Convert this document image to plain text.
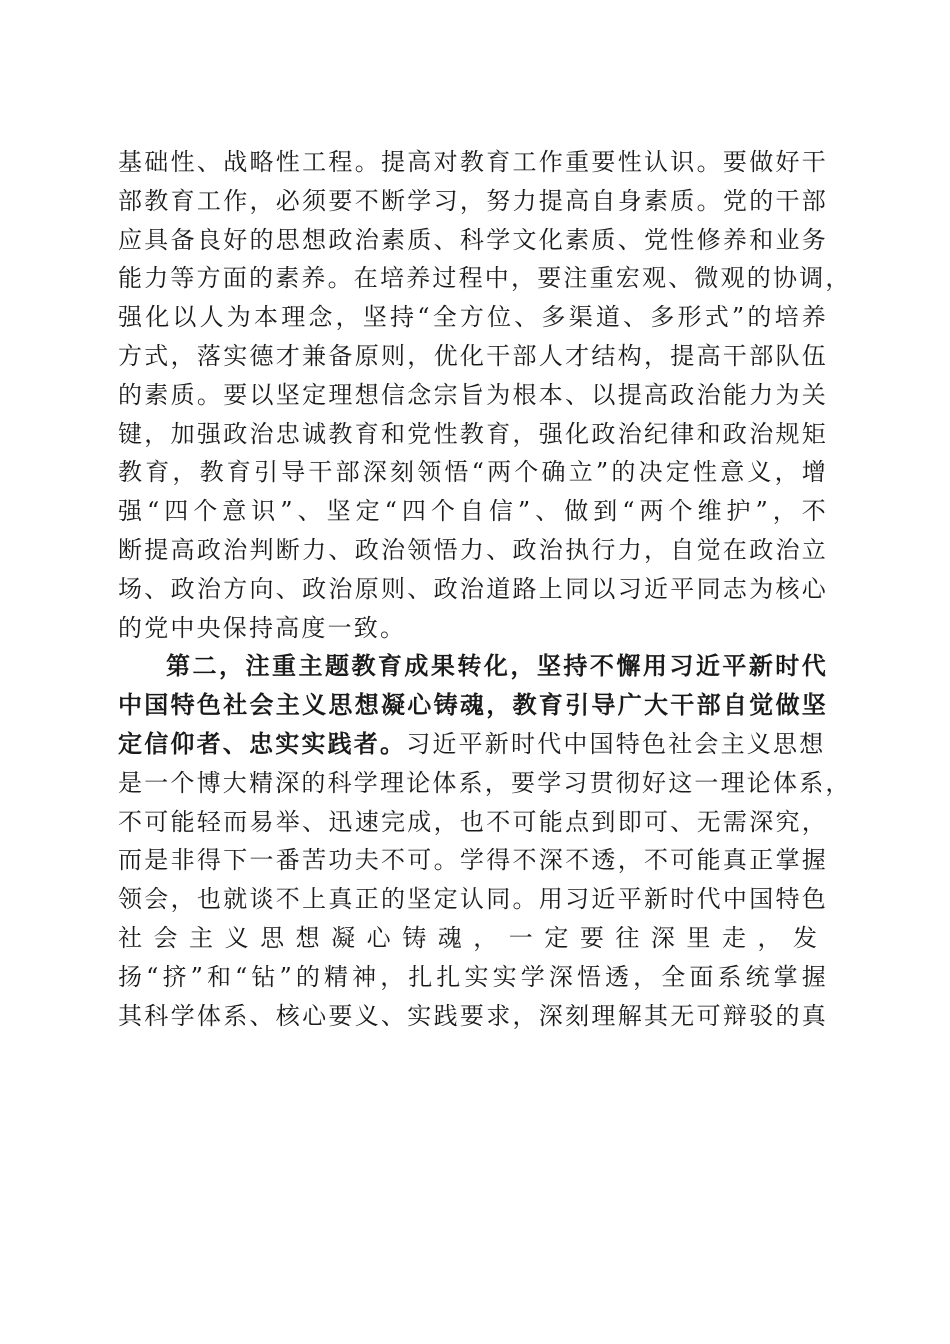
基础性、战略性工程。提高对教育工作重要性认识。要做好干
部教育工作，必须要不断学习，努力提高自身素质。党的干部
应具备良好的思想政治素质、科学文化素质、党性修养和业务
能力等方面的素养。在培养过程中，要注重宏观、微观的协调，
强化以人为本理念，坚持“全方位、多渠道、多形式”的培养
方式，落实德才兼备原则，优化干部人才结构，提高干部队伍
的素质。要以坚定理想信念宗旨为根本、以提高政治能力为关
键，加强政治忠诚教育和党性教育，强化政治纪律和政治规矩
教育，教育引导干部深刻领悟“两个确立”的决定性意义，增
强“四个意识”、坚定“四个自信”、做到“两个维护”，不
断提高政治判断力、政治领悟力、政治执行力，自觉在政治立
场、政治方向、政治原则、政治道路上同以习近平同志为核心
的党中央保持高度一致。
第二，注重主题教育成果转化，坚持不懈用习近平新时代
中国特色社会主义思想凝心铸魂，教育引导广大干部自觉做坚
定信仰者、忠实实践者。习近平新时代中国特色社会主义思想
是一个博大精深的科学理论体系，要学习贯彻好这一理论体系，
不可能轻而易举、迅速完成，也不可能点到即可、无需深究，
而是非得下一番苦功夫不可。学得不深不透，不可能真正掌握
领会，也就谈不上真正的坚定认同。用习近平新时代中国特色
社会主义思想凝心铸魂，一定要往深里走，发
扬“挤”和“钻”的精神，扎扎实实学深悟透，全面系统掌握
其科学体系、核心要义、实践要求，深刻理解其无可辩驳的真
